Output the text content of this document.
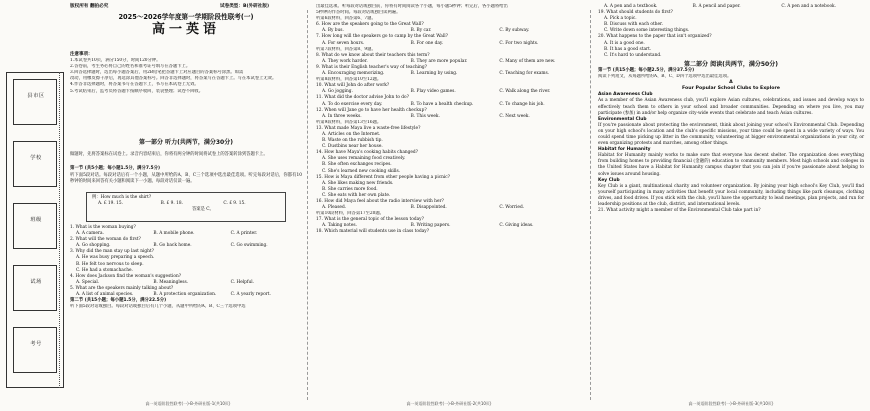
县市区
学校
班级
试场
考号
版权所有 翻拍必究	试卷类型：B(外研社版)
2025～2026学年度第一学期阶段性联考(一)
高一英语
注意事项：
1.本试卷共10页，满分150分，时间120分钟。
2.答卷前，考生务必将自己的姓名和准考证号填写在答题卡上。
3.回答选择题时，选出每小题答案后，用2B铅笔把答题卡上对应题目的答案标号涂黑。如需
改动，用橡皮擦干净后，再选涂其他答案标号。回答非选择题时，将答案写在答题卡上。写在本试卷上无效。
4.作答非选择题时，将答案书写在答题卡上，书写在本试卷上无效。
5.考试结束后，监考员将答题卡按顺序收回，装袋整理；试卷不回收。
第一部分 听力(共两节，满分30分)
做题时，先将答案标在试卷上。录音内容结束后，你将有两分钟的时间将试卷上的答案转涂到答题卡上。
第一节 (共5小题；每小题1.5分，满分7.5分)
听下面5段对话。每段对话后有一个小题，从题中所给的A、B、C三个选项中选出最佳选项。听完每段对话后，你都有10秒钟的时间来回答有关小题和阅读下一小题。每段对话仅读一遍。
例：How much is the shirt?
A. £ 19. 15.	B. £ 9. 18.	C. £ 9. 15.
答案是 C。
1. What is the woman buying?
A. A camera.	B. A mobile phone.	C. A printer.
2. What will the woman do first?
A. Go shopping.	B. Go back home.	C. Go swimming.
3. Why did the man stay up last night?
A. He was busy preparing a speech.
B. He felt too nervous to sleep.
C. He had a stomachache.
4. How does Jackson find the woman's suggestion?
A. Special.	B. Meaningless.	C. Helpful.
5. What are the speakers mainly talking about?
A. A list of animal species.	B. A protection organization.	C. A yearly report.
第二节 (共15小题；每小题1.5分，满分22.5分)
听下面5段对话或独白。每段对话或独白后有几个小题，从题中所给的A、B、C三个选项中选
高一英语阶段性联考(一)-B-外研社版-1(共10页)
出最佳选项。听每段对话或独白前，你将有时间阅读各个小题，每小题5秒钟；听完后，各小题将给出
5秒钟的作答时间。每段对话或独白读两遍。
听第6段材料，回答第6、7题。
6. How are the speakers going to the Great Wall?
A. By bus.	B. By car.	C. By subway.
7. How long will the speakers go to camp by the Great Wall?
A. For seven hours.	B. For one day.	C. For two nights.
听第7段材料，回答第8、9题。
8. What do we know about their teachers this term?
A. They work harder.	B. They are more popular.	C. Many of them are new.
9. What is their English teacher's way of teaching?
A. Encouraging memorizing.	B. Learning by using.	C. Teaching for exams.
听第8段材料，回答第10至12题。
10. What will John do after work?
A. Go jogging.	B. Play video games.	C. Walk along the river.
11. What did the doctor advise John to do?
A. To do exercise every day.	B. To have a health checkup.	C. To change his job.
12. When will Jane go to have her health checkup?
A. In three weeks.	B. This week.	C. Next week.
听第9段材料，回答第13至16题。
13. What made Maya live a waste-free lifestyle?
A. Articles on the Internet.
B. Waste on the rubbish tip.
C. Dustbins near her house.
14. How have Maya's cooking habits changed?
A. She uses remaining food creatively.
B. She often exchanges recipes.
C. She's learned new cooking skills.
15. How is Maya different from other people having a picnic?
A. She likes making new friends.
B. She carries more food.
C. She eats with her own plate.
16. How did Maya feel about the radio interview with her?
A. Pleased.	B. Disappointed.	C. Worried.
听第10段材料，回答第17至20题。
17. What is the general topic of the lesson today?
A. Taking notes.	B. Writing papers.	C. Giving ideas.
18. Which material will students use in class today?
高一英语阶段性联考(一)-B-外研社版-2(共10页)
A. A pen and a textbook.	B. A pencil and paper.	C. A pen and a notebook.
19. What should students do first?
A. Pick a topic.
B. Discuss with each other.
C. Write down some interesting things.
20. What happens to the paper that isn't organized?
A. It is a good one.
B. It has a good start.
C. It's hard to understand.
第二部分 阅读(共两节，满分50分)
第一节 (共15小题；每小题2.5分，满分37.5分)
阅读下列短文，从每题所给的A、B、C、D四个选项中选出最佳选项。
A
Four Popular School Clubs to Explore
Asian Awareness Club
As a member of the Asian Awareness club, you'll explore Asian cultures, celebrations, and issues and develop ways to effectively teach them to others in your school and broader communities. Depending on where you live, you may participate (参加) in and/or help organize city-wide events that celebrate and teach Asian cultures.
Environmental Club
If you're passionate about protecting the environment, think about joining your school's Environmental Club. Depending on your high school's location and the club's specific missions, your time could be spent in a wide variety of ways. You could spend time picking up litter in the community, volunteering at bigger environmental organizations in your city, or even organizing protests and marches, among other things.
Habitat for Humanity
Habitat for Humanity mainly works to make sure that everyone has decent shelter. The organization does everything from building homes to providing financial (金融的) education to community members. Most high schools and colleges in the United States have a Habitat for Humanity campus chapter that you can join if you're passionate about helping to solve issues around housing.
Key Club
Key Club is a giant, multinational charity and volunteer organization. By joining your high school's Key Club, you'll find yourself participating in many activities that benefit your local community, including things like park cleanups, clothing drives, and food drives. If you stick with the club, you'll have the opportunity to lead meetings, plan projects, and run for leadership positions at the club, district, and international levels.
21. What activity might a member of the Environmental Club take part in?
高一英语阶段性联考(一)-B-外研社版-3(共10页)
